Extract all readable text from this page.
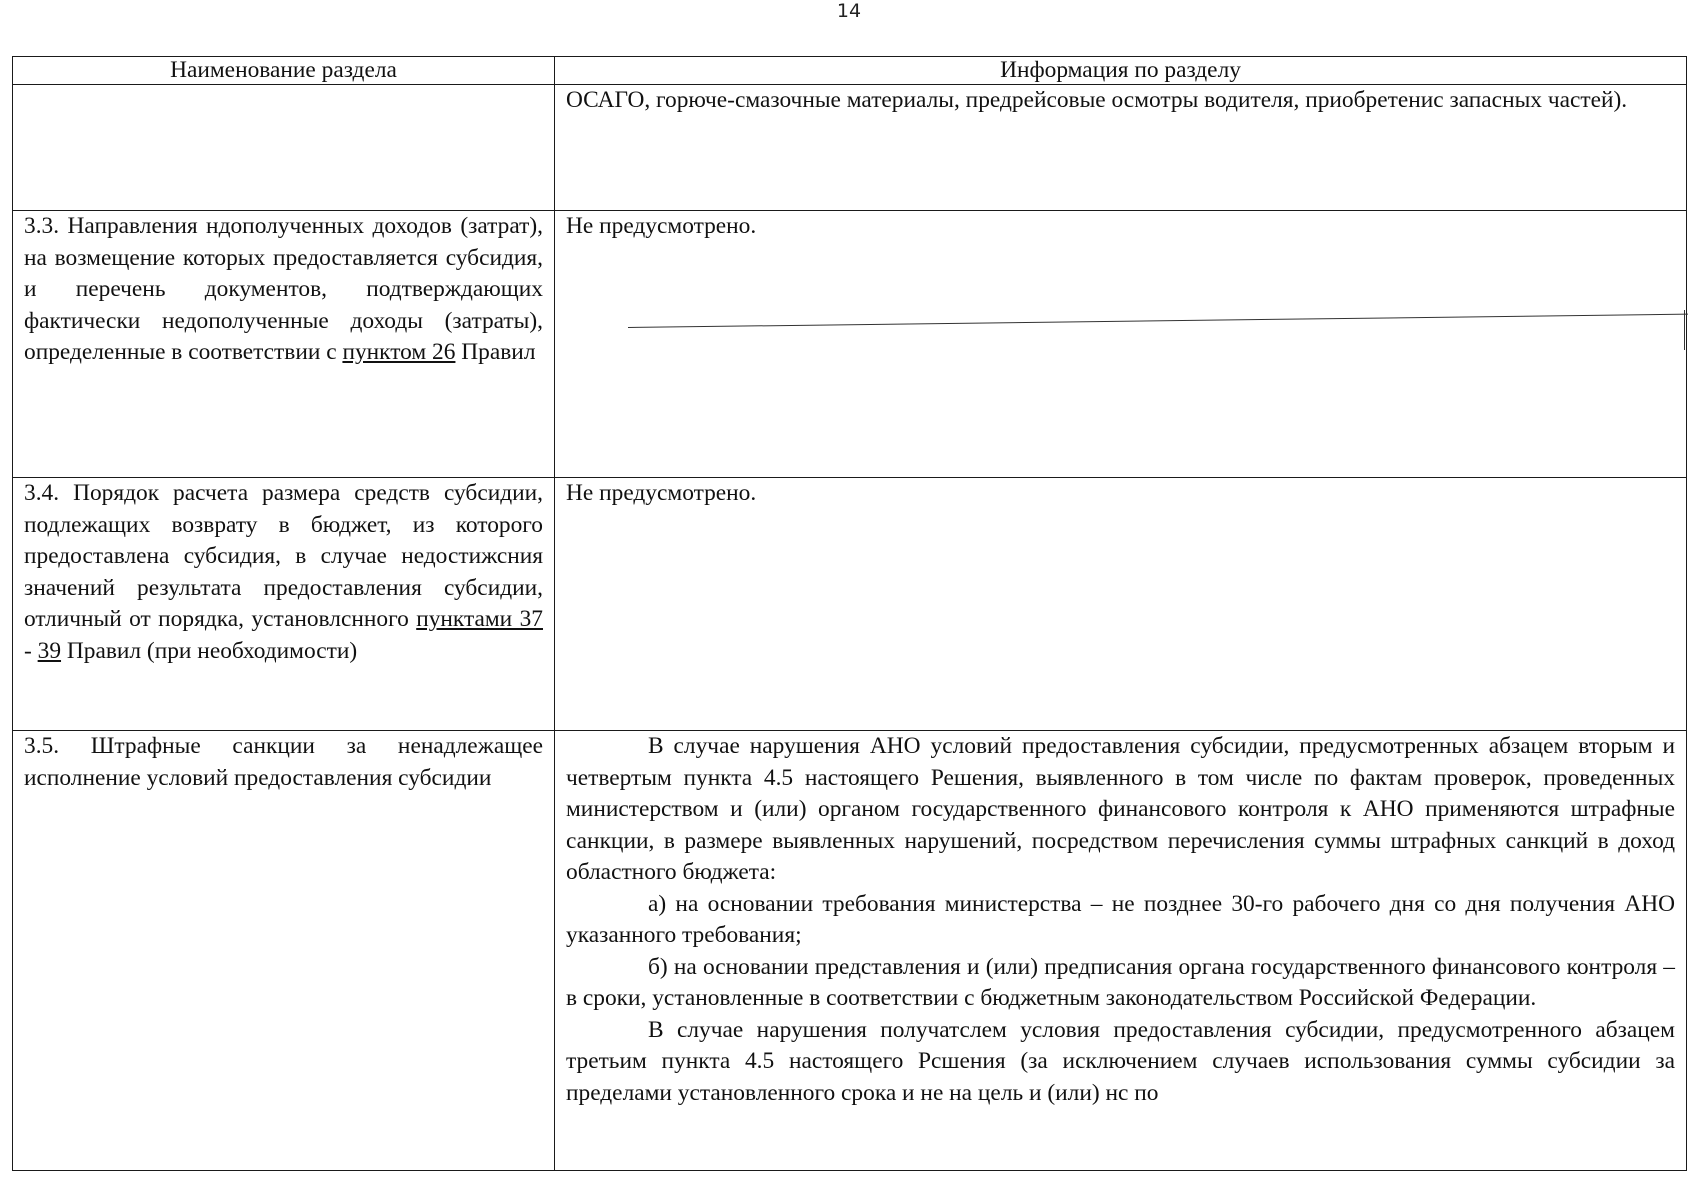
14
Наименование раздела	Информация по разделу
	ОСАГО, горюче-смазочные материалы, предрейсовые осмотры водителя, приобретенис запасных частей).
3.3. Направления ндополученных доходов (затрат), на возмещение которых предоставляется субсидия, и перечень документов, подтверждающих фактически недополученные доходы (затраты), определенные в соответствии с пунктом 26 Правил	Не предусмотрено.
3.4. Порядок расчета размера средств субсидии, подлежащих возврату в бюджет, из которого предоставлена субсидия, в случае недостижсния значений результата предоставления субсидии, отличный от порядка, установлснного пунктами 37 - 39 Правил (при необходимости)	Не предусмотрено.
3.5. Штрафные санкции за ненадлежащее исполнение условий предоставления субсидии	В случае нарушения АНО условий предоставления субсидии, предусмотренных абзацем вторым и четвертым пункта 4.5 настоящего Решения, выявленного в том числе по фактам проверок, проведенных министерством и (или) органом государственного финансового контроля к АНО применяются штрафные санкции, в размере выявленных нарушений, посредством перечисления суммы штрафных санкций в доход областного бюджета:
а) на основании требования министерства – не позднее 30-го рабочего дня со дня получения АНО указанного требования;
б) на основании представления и (или) предписания органа государственного финансового контроля – в сроки, установленные в соответствии с бюджетным законодательством Российской Федерации.
В случае нарушения получатслем условия предоставления субсидии, предусмотренного абзацем третьим пункта 4.5 настоящего Рсшения (за исключением случаев использования суммы субсидии за пределами установленного срока и не на цель и (или) нс по
